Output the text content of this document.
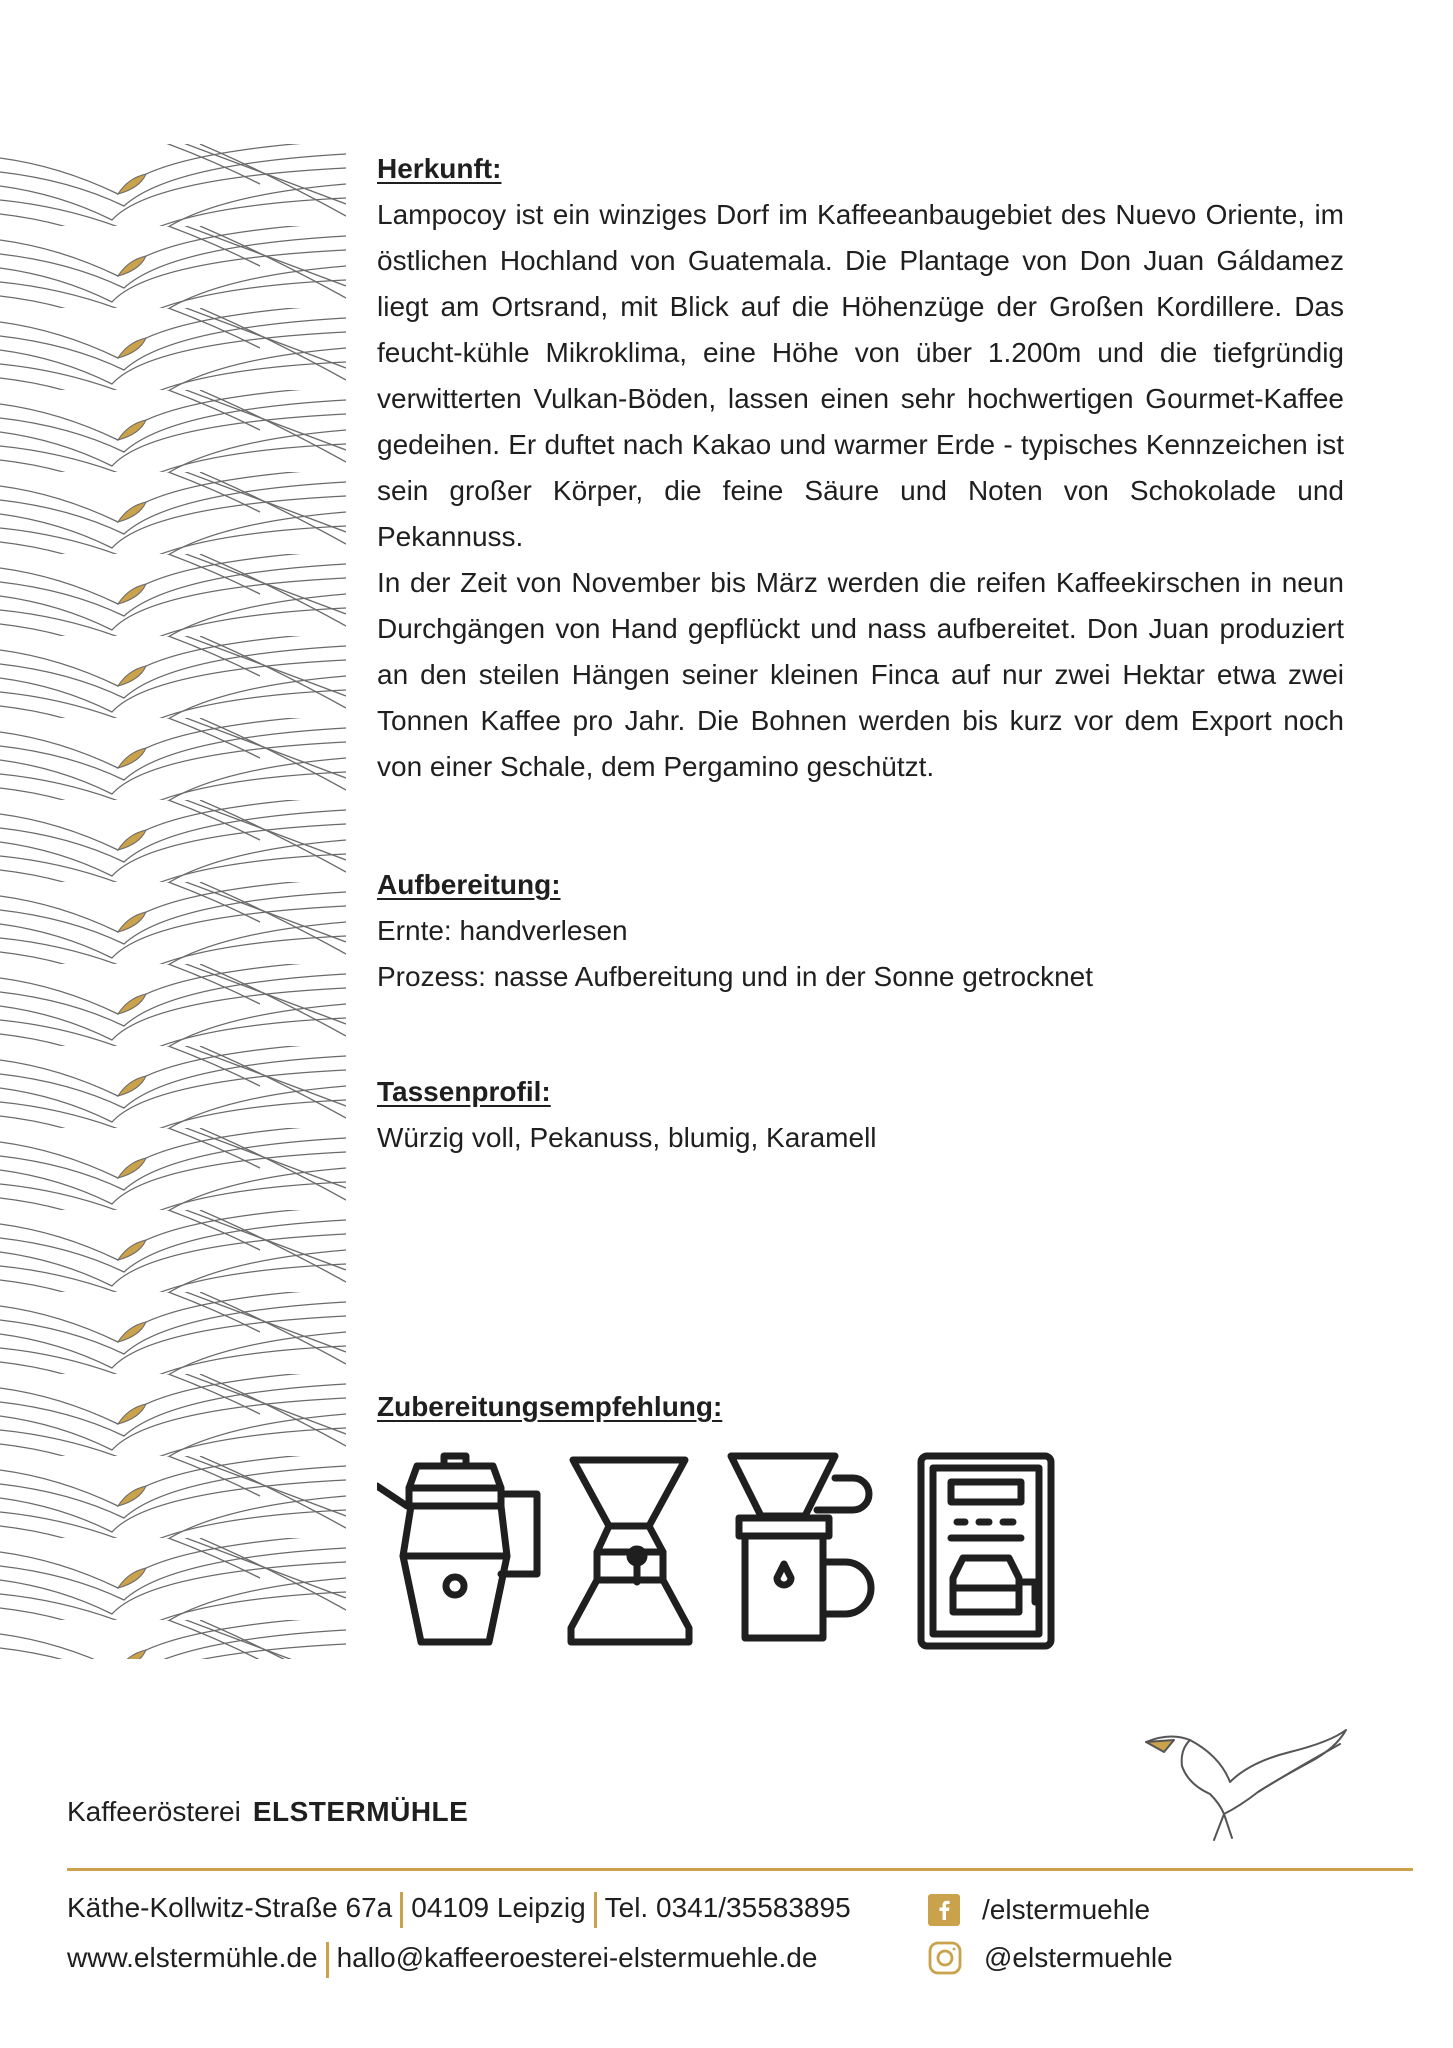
Herkunft:

Lampocoy ist ein winziges Dorf im Kaffeeanbaugebiet des Nuevo Oriente, im östlichen Hochland von Guatemala. Die Plantage von Don Juan Gáldamez liegt am Ortsrand, mit Blick auf die Höhenzüge der Großen Kordillere. Das feucht-kühle Mikroklima, eine Höhe von über 1.200m und die tiefgründig verwitterten Vulkan-Böden, lassen einen sehr hochwertigen Gourmet-Kaffee gedeihen. Er duftet nach Kakao und warmer Erde - typisches Kennzeichen ist sein großer Körper, die feine Säure und Noten von Schokolade und Pekannuss.

In der Zeit von November bis März werden die reifen Kaffeekirschen in neun Durchgängen von Hand gepflückt und nass aufbereitet. Don Juan produziert an den steilen Hängen seiner kleinen Finca auf nur zwei Hektar etwa zwei Tonnen Kaffee pro Jahr. Die Bohnen werden bis kurz vor dem Export noch von einer Schale, dem Pergamino geschützt.

Aufbereitung:

Ernte: handverlesen

Prozess: nasse Aufbereitung und in der Sonne getrocknet

Tassenprofil:

Würzig voll, Pekanuss, blumig, Karamell

Zubereitungsempfehlung:

Kaffeerösterei ELSTERMÜHLE
Käthe-Kollwitz-Straße 67a 04109 Leipzig Tel. 0341/35583895
www.elstermühle.de hallo@kaffeeroesterei-elstermuehle.de
/elstermuehle
@elstermuehle
